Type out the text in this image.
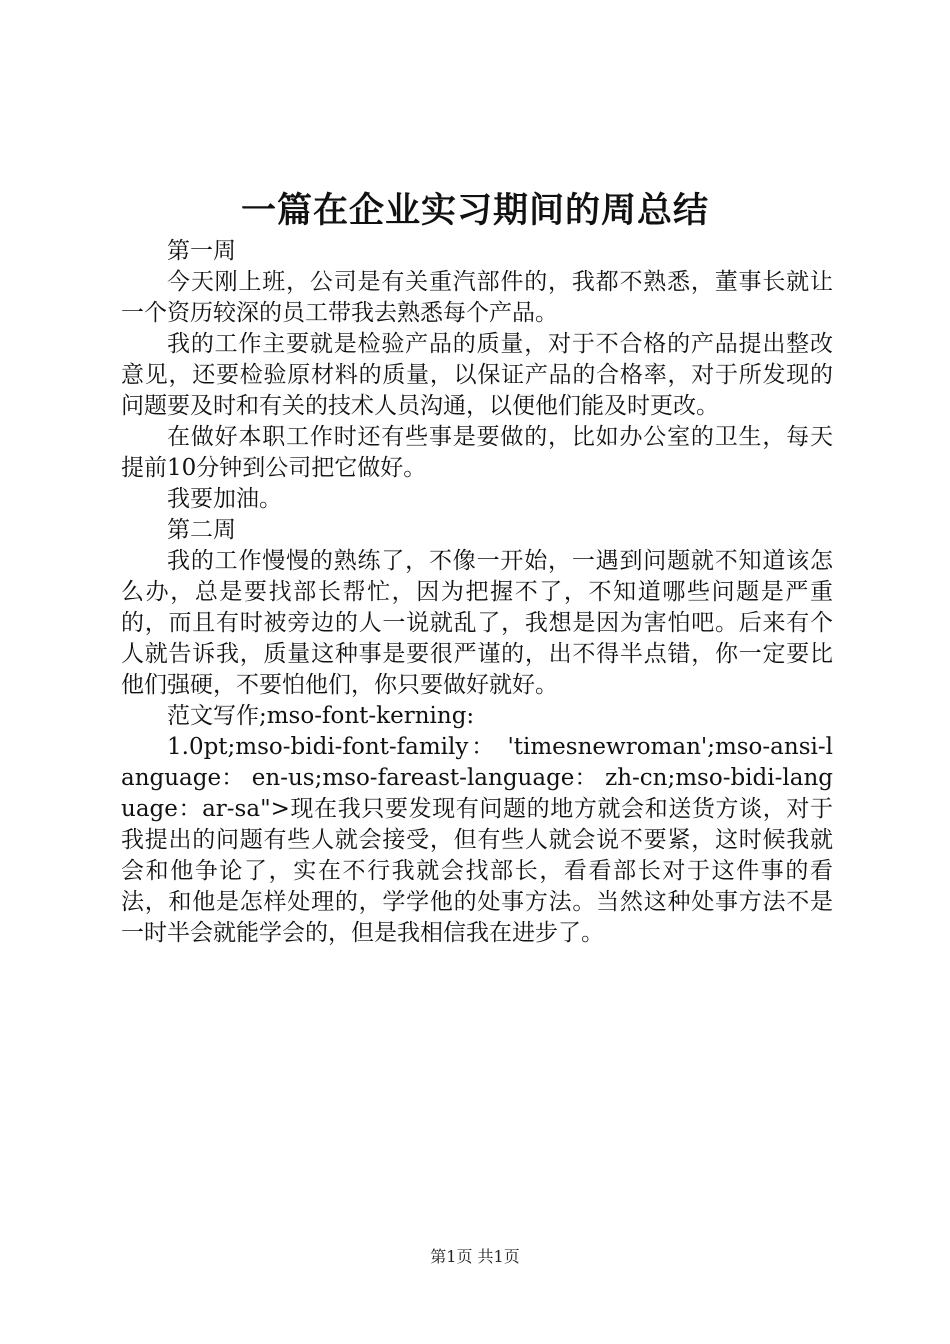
一篇在企业实习期间的周总结

第一周

今天刚上班，公司是有关重汽部件的，我都不熟悉，董事长就让一个资历较深的员工带我去熟悉每个产品。

我的工作主要就是检验产品的质量，对于不合格的产品提出整改意见，还要检验原材料的质量，以保证产品的合格率，对于所发现的问题要及时和有关的技术人员沟通，以便他们能及时更改。

在做好本职工作时还有些事是要做的，比如办公室的卫生，每天提前10分钟到公司把它做好。

我要加油。

第二周

我的工作慢慢的熟练了，不像一开始，一遇到问题就不知道该怎么办，总是要找部长帮忙，因为把握不了，不知道哪些问题是严重的，而且有时被旁边的人一说就乱了，我想是因为害怕吧。后来有个人就告诉我，质量这种事是要很严谨的，出不得半点错，你一定要比他们强硬，不要怕他们，你只要做好就好。

范文写作;mso-font-kerning:

1.0pt;mso-bidi-font-family： 'timesnewroman';mso-ansi-language： en-us;mso-fareast-language： zh-cn;mso-bidi-language：ar-sa">现在我只要发现有问题的地方就会和送货方谈，对于我提出的问题有些人就会接受，但有些人就会说不要紧，这时候我就会和他争论了，实在不行我就会找部长，看看部长对于这件事的看法，和他是怎样处理的，学学他的处事方法。当然这种处事方法不是一时半会就能学会的，但是我相信我在进步了。

第1页 共1页
